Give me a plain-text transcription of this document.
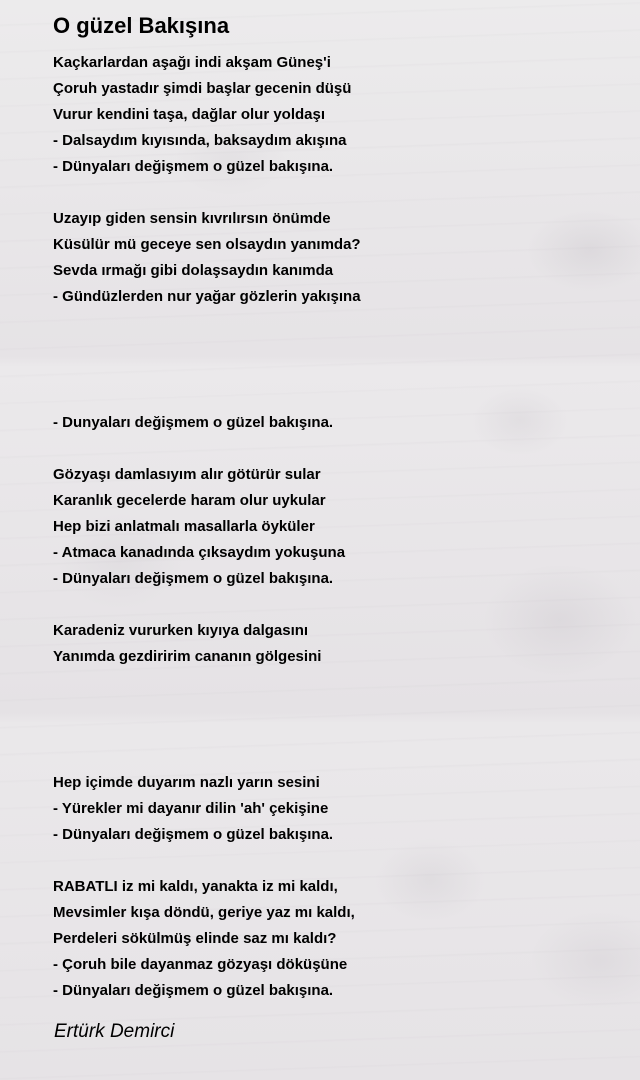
O güzel Bakışına
Kaçkarlardan aşağı indi akşam Güneş'i
Çoruh yastadır şimdi başlar gecenin düşü
Vurur kendini taşa, dağlar olur yoldaşı
- Dalsaydım kıyısında, baksaydım akışına
- Dünyaları değişmem o güzel bakışına.
Uzayıp giden sensin kıvrılırsın önümde
Küsülür mü geceye sen olsaydın yanımda?
Sevda ırmağı gibi dolaşsaydın kanımda
- Gündüzlerden nur yağar gözlerin yakışına
- Dunyaları değişmem o güzel bakışına.
Gözyaşı damlasıyım alır götürür sular
Karanlık gecelerde haram olur uykular
Hep bizi anlatmalı masallarla öyküler
- Atmaca kanadında çıksaydım yokuşuna
- Dünyaları değişmem o güzel bakışına.
Karadeniz vururken kıyıya dalgasını
Yanımda gezdiririm cananın gölgesini
Hep içimde duyarım nazlı yarın sesini
- Yürekler mi dayanır dilin 'ah' çekişine
- Dünyaları değişmem o güzel bakışına.
RABATLI iz mi kaldı, yanakta iz mi kaldı,
Mevsimler kışa döndü, geriye yaz mı kaldı,
Perdeleri sökülmüş elinde saz mı kaldı?
- Çoruh bile dayanmaz gözyaşı döküşüne
- Dünyaları değişmem o güzel bakışına.
Ertürk Demirci
